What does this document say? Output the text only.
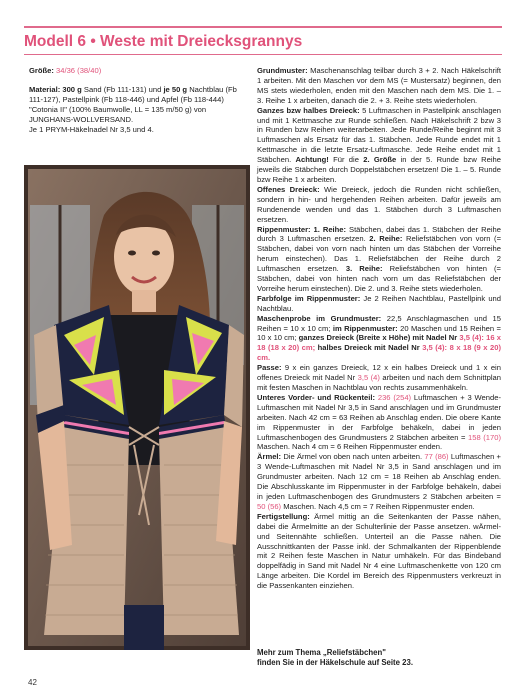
Modell 6 • Weste mit Dreiecksgrannys

Größe: 34/36 (38/40)

Material: 300 g Sand (Fb 111-131) und je 50 g Nachtblau (Fb 111-127), Pastellpink (Fb 118-446) und Apfel (Fb 118-444) "Cotonia II" (100% Baumwolle, LL = 135 m/50 g) von JUNGHANS-WOLLVERSAND.

Je 1 PRYM-Häkelnadel Nr 3,5 und 4.

Grundmuster: Maschenanschlag teilbar durch 3 + 2. Nach Häkelschrift 1 arbeiten. Mit den Maschen vor dem MS (= Mustersatz) beginnen, den MS stets wiederholen, enden mit den Maschen nach dem MS. Die 1. – 3. Reihe 1 x arbeiten, danach die 2. + 3. Reihe stets wiederholen.

Ganzes bzw halbes Dreieck: 5 Luftmaschen in Pastellpink anschlagen und mit 1 Kettmasche zur Runde schließen. Nach Häkelschrift 2 bzw 3 in Runden bzw Reihen weiterarbeiten. Jede Runde/Reihe beginnt mit 3 Luftmaschen als Ersatz für das 1. Stäbchen. Jede Runde endet mit 1 Kettmasche in die letzte Ersatz-Luftmasche. Jede Reihe endet mit 1 Stäbchen. Achtung! Für die 2. Größe in der 5. Runde bzw Reihe jeweils die Stäbchen durch Doppelstäbchen ersetzen! Die 1. – 5. Runde bzw Reihe 1 x arbeiten.

Offenes Dreieck: Wie Dreieck, jedoch die Runden nicht schließen, sondern in hin- und hergehenden Reihen arbeiten. Dafür jeweils am Rundenende wenden und das 1. Stäbchen durch 3 Luftmaschen ersetzen.

Rippenmuster: 1. Reihe: Stäbchen, dabei das 1. Stäbchen der Reihe durch 3 Luftmaschen ersetzen. 2. Reihe: Reliefstäbchen von vorn (= Stäbchen, dabei von vorn nach hinten um das Stäbchen der Vorreihe herum einstechen). Das 1. Reliefstäbchen der Reihe durch 2 Luftmaschen ersetzen. 3. Reihe: Reliefstäbchen von hinten (= Stäbchen, dabei von hinten nach vorn um das Reliefstäbchen der Vorreihe herum einstechen). Die 2. und 3. Reihe stets wiederholen.

Farbfolge im Rippenmuster: Je 2 Reihen Nachtblau, Pastellpink und Nachtblau.

Maschenprobe im Grundmuster: 22,5 Anschlagmaschen und 15 Reihen = 10 x 10 cm; im Rippenmuster: 20 Maschen und 15 Reihen = 10 x 10 cm; ganzes Dreieck (Breite x Höhe) mit Nadel Nr 3,5 (4): 16 x 18 (18 x 20) cm; halbes Dreieck mit Nadel Nr 3,5 (4): 8 x 18 (9 x 20) cm.

Passe: 9 x ein ganzes Dreieck, 12 x ein halbes Dreieck und 1 x ein offenes Dreieck mit Nadel Nr 3,5 (4) arbeiten und nach dem Schnittplan mit festen Maschen in Nachtblau von rechts zusammenhäkeln.

Unteres Vorder- und Rückenteil: 236 (254) Luftmaschen + 3 Wende-Luftmaschen mit Nadel Nr 3,5 in Sand anschlagen und im Grundmuster arbeiten. Nach 42 cm = 63 Reihen ab Anschlag enden. Die obere Kante im Rippenmuster in der Farbfolge behäkeln, dabei in jeden Luftmaschenbogen des Grundmusters 2 Stäbchen arbeiten = 158 (170) Maschen. Nach 4 cm = 6 Reihen Rippenmuster enden.

Ärmel: Die Ärmel von oben nach unten arbeiten. 77 (86) Luftmaschen + 3 Wende-Luftmaschen mit Nadel Nr 3,5 in Sand anschlagen und im Grundmuster arbeiten. Nach 12 cm = 18 Reihen ab Anschlag enden. Die Abschlusskante im Rippenmuster in der Farbfolge behäkeln, dabei in jeden Luftmaschenbogen des Grundmusters 2 Stäbchen arbeiten = 50 (56) Maschen. Nach 4,5 cm = 7 Reihen Rippenmuster enden.

Fertigstellung: Ärmel mittig an die Seitenkanten der Passe nähen, dabei die Ärmelmitte an der Schulterlinie der Passe ansetzen. wÄrmel- und Seitennähte schließen. Unterteil an die Passe nähen. Die Ausschnittkanten der Passe inkl. der Schmalkanten der Rippenblende mit 2 Reihen feste Maschen in Natur umhäkeln. Für das Bindeband doppelfädig in Sand mit Nadel Nr 4 eine Luftmaschenkette von 120 cm Länge arbeiten. Die Kordel im Bereich des Rippenmusters verkreuzt in die Passenkanten einziehen.

Mehr zum Thema „Reliefstäbchen"
finden Sie in der Häkelschule auf Seite 23.
42
